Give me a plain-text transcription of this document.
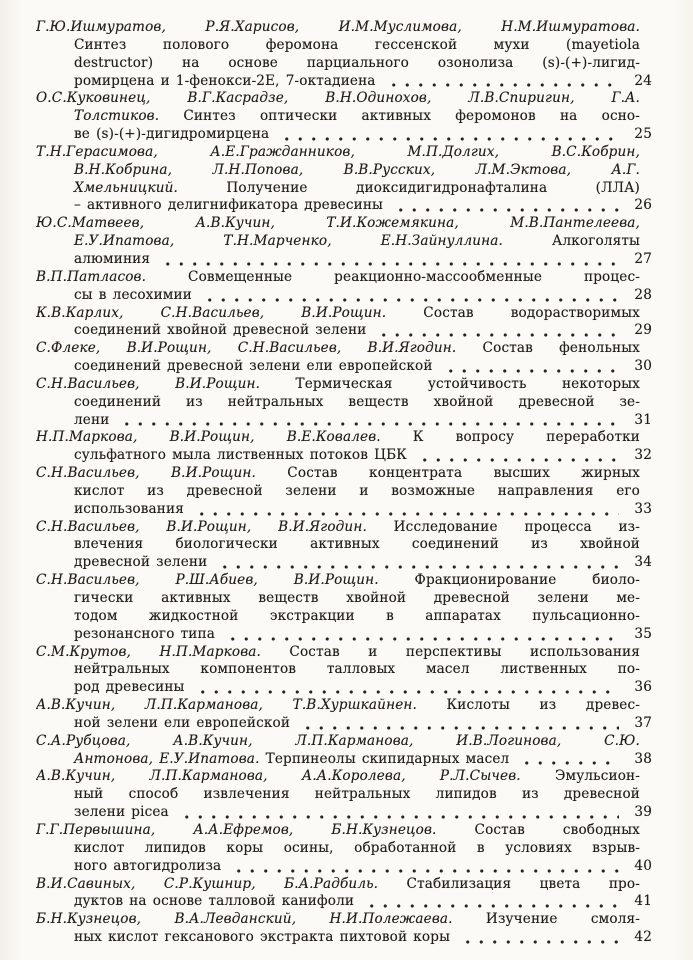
Г.Ю.Ишмуратов, Р.Я.Харисов, И.М.Муслимова, Н.М.Ишмуратова.
Синтез полового феромона гессенской мухи (mayetiola
destructor) на основе парциального озонолиза (s)-(+)-лигид-
ромирцена и 1-фенокси-2Е, 7-октадиена	24
О.С.Куковинец, В.Г.Касрадзе, В.Н.Одинохов, Л.В.Спиригин, Г.А.
Толстиков. Синтез оптически активных феромонов на осно-
ве (s)-(+)-дигидромирцена	25
Т.Н.Герасимова, А.Е.Гражданников, М.П.Долгих, В.С.Кобрин,
В.Н.Кобрина, Л.Н.Попова, В.В.Русских, Л.М.Эктова, А.Г.
Хмельницкий. Получение диоксидигидронафталина (ЛЛА)
– активного делигнификатора древесины	26
Ю.С.Матвеев, А.В.Кучин, Т.И.Кожемякина, М.В.Пантелеева,
Е.У.Ипатова, Т.Н.Марченко, Е.Н.Зайнуллина. Алкоголяты
алюминия	27
В.П.Патласов. Совмещенные реакционно-массообменные процес-
сы в лесохимии	28
К.В.Карлих, С.Н.Васильев, В.И.Рощин. Состав водорастворимых
соединений хвойной древесной зелени	29
С.Флеке, В.И.Рощин, С.Н.Васильев, В.И.Ягодин. Состав фенольных
соединений древесной зелени ели европейской	30
С.Н.Васильев, В.И.Рощин. Термическая устойчивость некоторых
соединений из нейтральных веществ хвойной древесной зе-
лени	31
Н.П.Маркова, В.И.Рощин, В.Е.Ковалев. К вопросу переработки
сульфатного мыла лиственных потоков ЦБК	32
С.Н.Васильев, В.И.Рощин. Состав концентрата высших жирных
кислот из древесной зелени и возможные направления его
использования	33
С.Н.Васильев, В.И.Рощин, В.И.Ягодин. Исследование процесса из-
влечения биологически активных соединений из хвойной
древесной зелени	34
С.Н.Васильев, Р.Ш.Абиев, В.И.Рощин. Фракционирование биоло-
гически активных веществ хвойной древесной зелени ме-
тодом жидкостной экстракции в аппаратах пульсационно-
резонансного типа	35
С.М.Крутов, Н.П.Маркова. Состав и перспективы использования
нейтральных компонентов талловых масел лиственных по-
род древесины	36
А.В.Кучин, Л.П.Карманова, Т.В.Хуршкайнен. Кислоты из древес-
ной зелени ели европейской	37
С.А.Рубцова, А.В.Кучин, Л.П.Карманова, И.В.Логинова, С.Ю.
Антонова, Е.У.Ипатова. Терпинеолы скипидарных масел	38
А.В.Кучин, Л.П.Карманова, А.А.Королева, Р.Л.Сычев. Эмульсион-
ный способ извлечения нейтральных липидов из древесной
зелени picea	39
Г.Г.Первышина, А.А.Ефремов, Б.Н.Кузнецов. Состав свободных
кислот липидов коры осины, обработанной в условиях взрыв-
ного автогидролиза	40
В.И.Савиных, С.Р.Кушнир, Б.А.Радбиль. Стабилизация цвета про-
дуктов на основе талловой канифоли	41
Б.Н.Кузнецов, В.А.Левданский, Н.И.Полежаева. Изучение смоля-
ных кислот гексанового экстракта пихтовой коры	42
